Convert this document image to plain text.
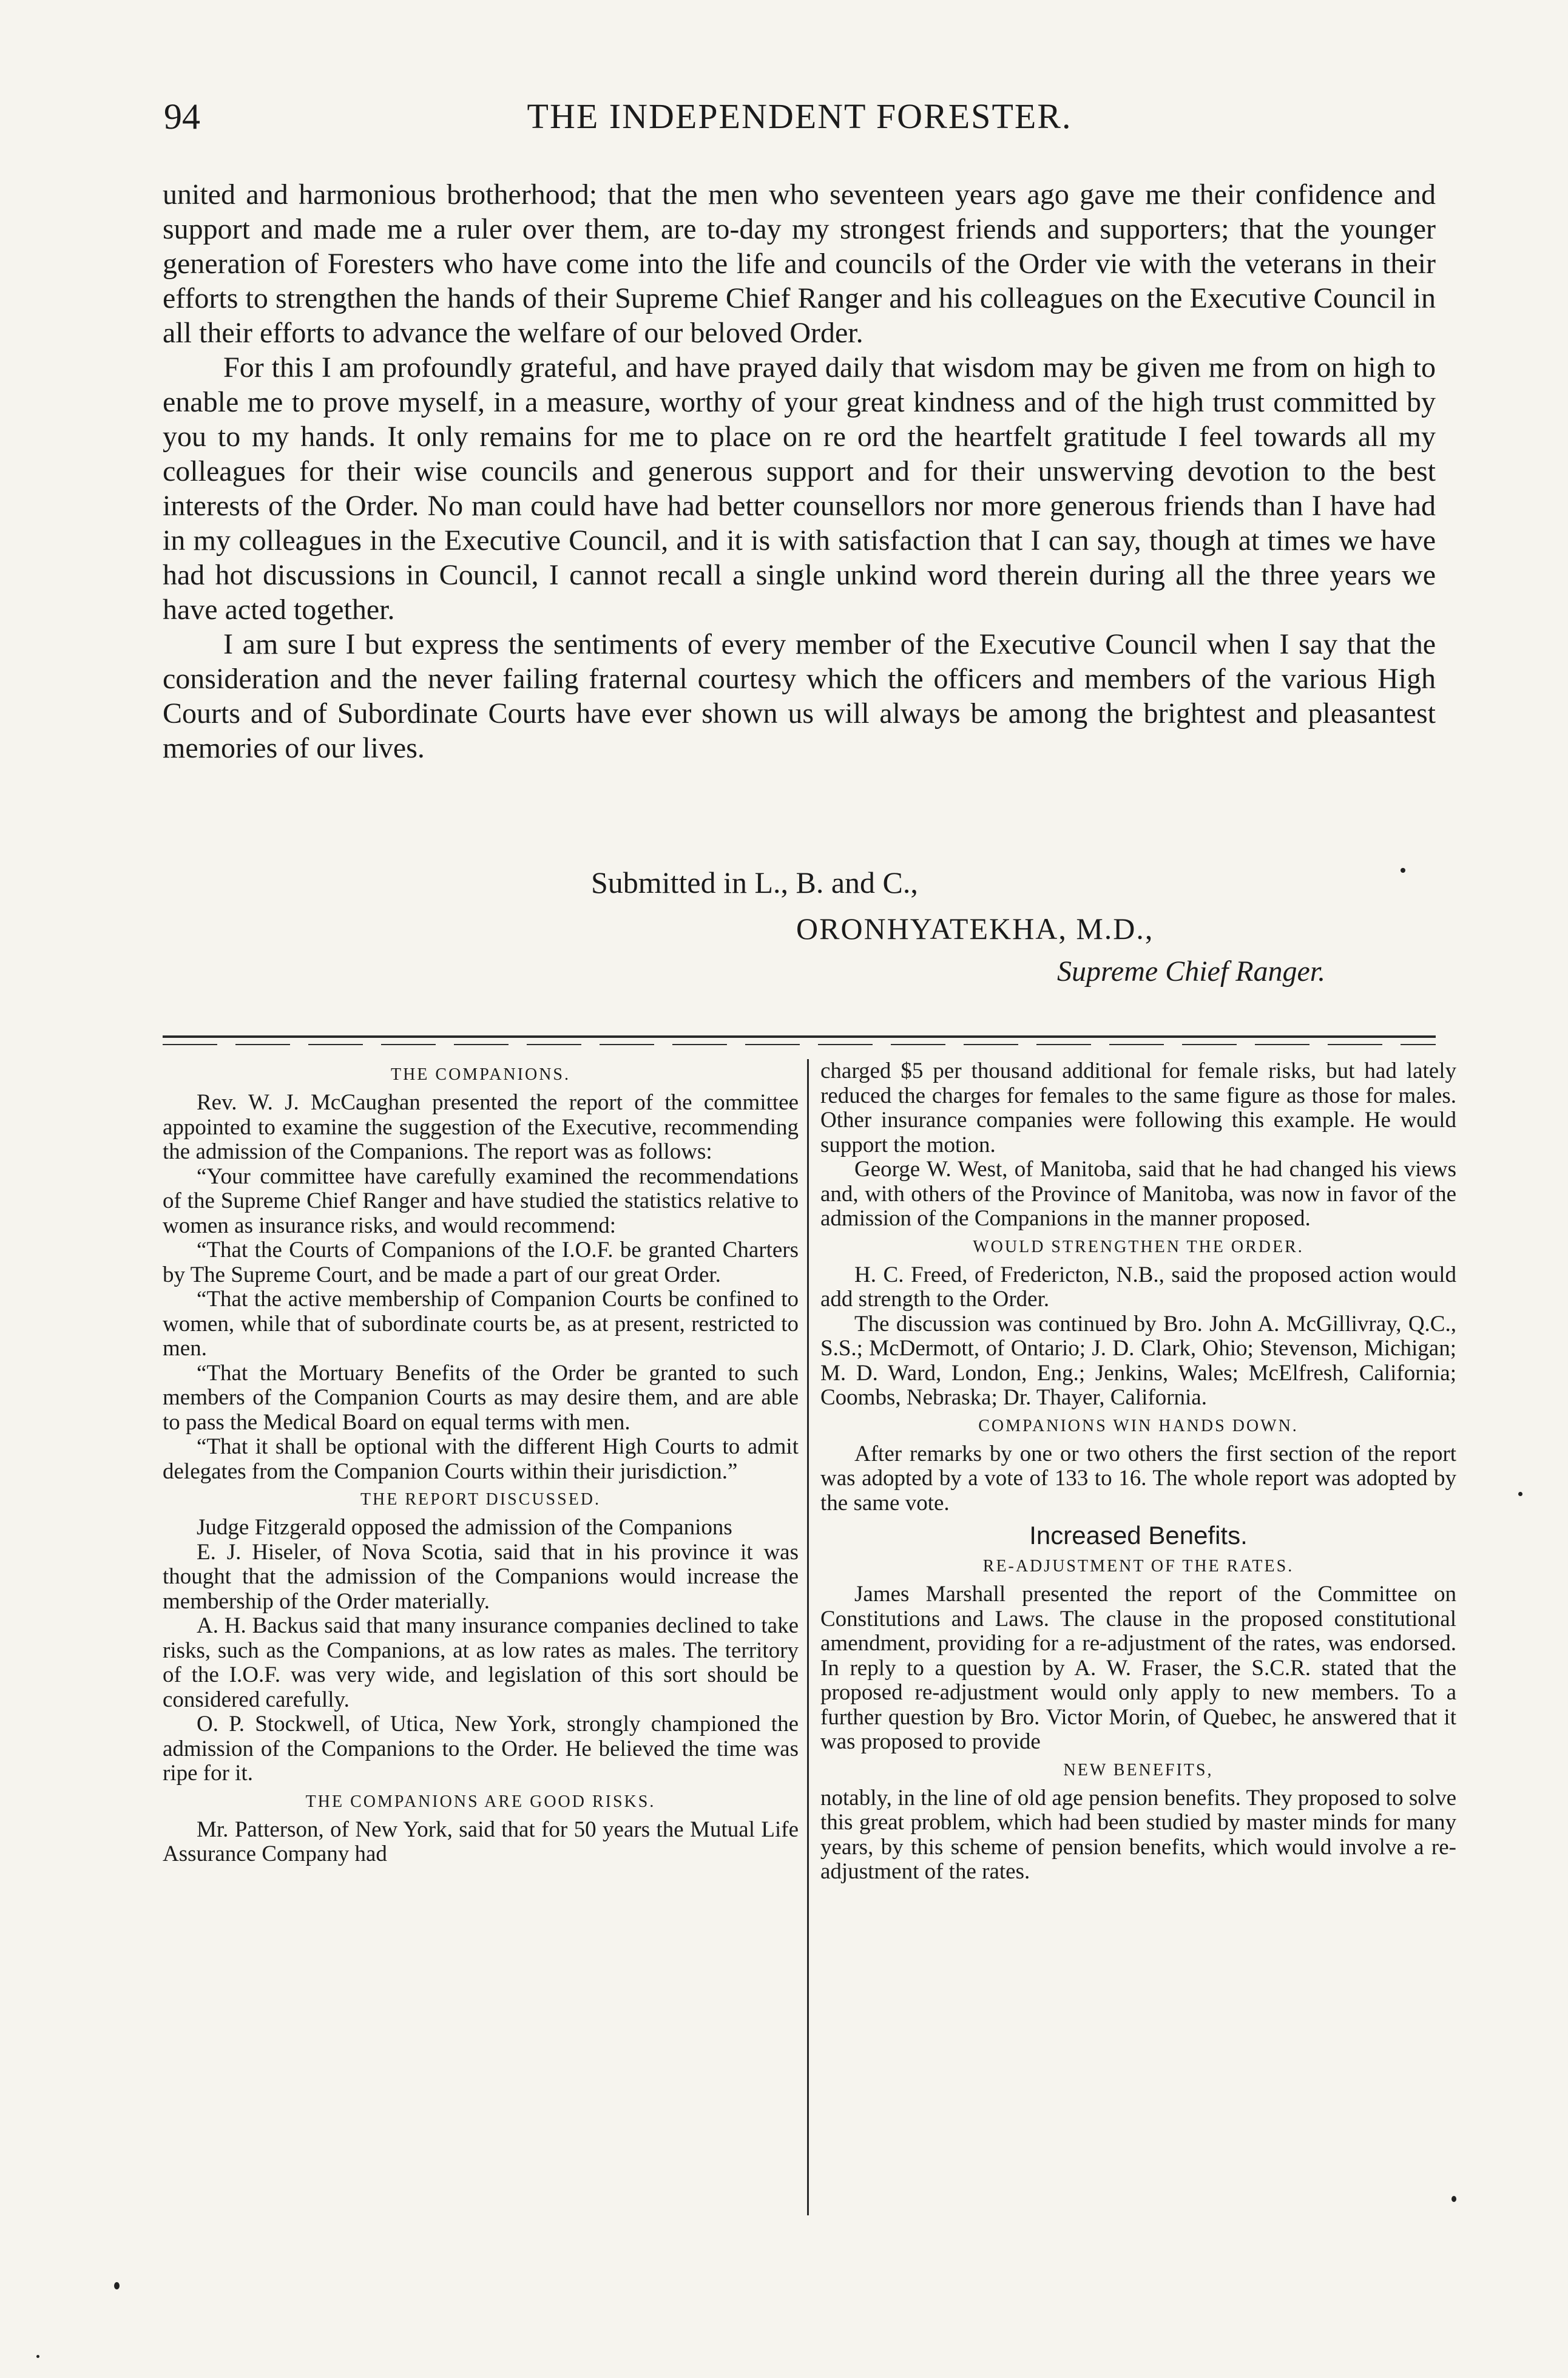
94	THE INDEPENDENT FORESTER.

united and harmonious brotherhood; that the men who seventeen years ago gave me their confidence and support and made me a ruler over them, are to-day my strongest friends and supporters; that the younger generation of Foresters who have come into the life and councils of the Order vie with the veterans in their efforts to strengthen the hands of their Supreme Chief Ranger and his colleagues on the Executive Council in all their efforts to advance the welfare of our beloved Order.

For this I am profoundly grateful, and have prayed daily that wisdom may be given me from on high to enable me to prove myself, in a measure, worthy of your great kindness and of the high trust committed by you to my hands. It only remains for me to place on re ord the heartfelt gratitude I feel towards all my colleagues for their wise councils and generous support and for their unswerving devotion to the best interests of the Order. No man could have had better counsellors nor more generous friends than I have had in my colleagues in the Executive Council, and it is with satisfaction that I can say, though at times we have had hot discussions in Council, I cannot recall a single unkind word therein during all the three years we have acted together.

I am sure I but express the sentiments of every member of the Executive Council when I say that the consideration and the never failing fraternal courtesy which the officers and members of the various High Courts and of Subordinate Courts have ever shown us will always be among the brightest and pleasantest memories of our lives.

Submitted in L., B. and C.,
ORONHYATEKHA, M.D.,
Supreme Chief Ranger.
THE COMPANIONS.

Rev. W. J. McCaughan presented the report of the committee appointed to examine the suggestion of the Executive, recommending the admission of the Companions. The report was as follows:

“Your committee have carefully examined the recommendations of the Supreme Chief Ranger and have studied the statistics relative to women as insurance risks, and would recommend:

“That the Courts of Companions of the I.O.F. be granted Charters by The Supreme Court, and be made a part of our great Order.

“That the active membership of Companion Courts be confined to women, while that of subordinate courts be, as at present, restricted to men.

“That the Mortuary Benefits of the Order be granted to such members of the Companion Courts as may desire them, and are able to pass the Medical Board on equal terms with men.

“That it shall be optional with the different High Courts to admit delegates from the Companion Courts within their jurisdiction.”

THE REPORT DISCUSSED.

Judge Fitzgerald opposed the admission of the Companions

E. J. Hiseler, of Nova Scotia, said that in his province it was thought that the admission of the Companions would increase the membership of the Order materially.

A. H. Backus said that many insurance companies declined to take risks, such as the Companions, at as low rates as males. The territory of the I.O.F. was very wide, and legislation of this sort should be considered carefully.

O. P. Stockwell, of Utica, New York, strongly championed the admission of the Companions to the Order. He believed the time was ripe for it.

THE COMPANIONS ARE GOOD RISKS.

Mr. Patterson, of New York, said that for 50 years the Mutual Life Assurance Company had

charged $5 per thousand additional for female risks, but had lately reduced the charges for females to the same figure as those for males. Other insurance companies were following this example. He would support the motion.

George W. West, of Manitoba, said that he had changed his views and, with others of the Province of Manitoba, was now in favor of the admission of the Companions in the manner proposed.

WOULD STRENGTHEN THE ORDER.

H. C. Freed, of Fredericton, N.B., said the proposed action would add strength to the Order.

The discussion was continued by Bro. John A. McGillivray, Q.C., S.S.; McDermott, of Ontario; J. D. Clark, Ohio; Stevenson, Michigan; M. D. Ward, London, Eng.; Jenkins, Wales; McElfresh, California; Coombs, Nebraska; Dr. Thayer, California.

COMPANIONS WIN HANDS DOWN.

After remarks by one or two others the first section of the report was adopted by a vote of 133 to 16. The whole report was adopted by the same vote.

Increased Benefits.
RE-ADJUSTMENT OF THE RATES.

James Marshall presented the report of the Committee on Constitutions and Laws. The clause in the proposed constitutional amendment, providing for a re-adjustment of the rates, was endorsed. In reply to a question by A. W. Fraser, the S.C.R. stated that the proposed re-adjustment would only apply to new members. To a further question by Bro. Victor Morin, of Quebec, he answered that it was proposed to provide

NEW BENEFITS,

notably, in the line of old age pension benefits. They proposed to solve this great problem, which had been studied by master minds for many years, by this scheme of pension benefits, which would involve a re-adjustment of the rates.
